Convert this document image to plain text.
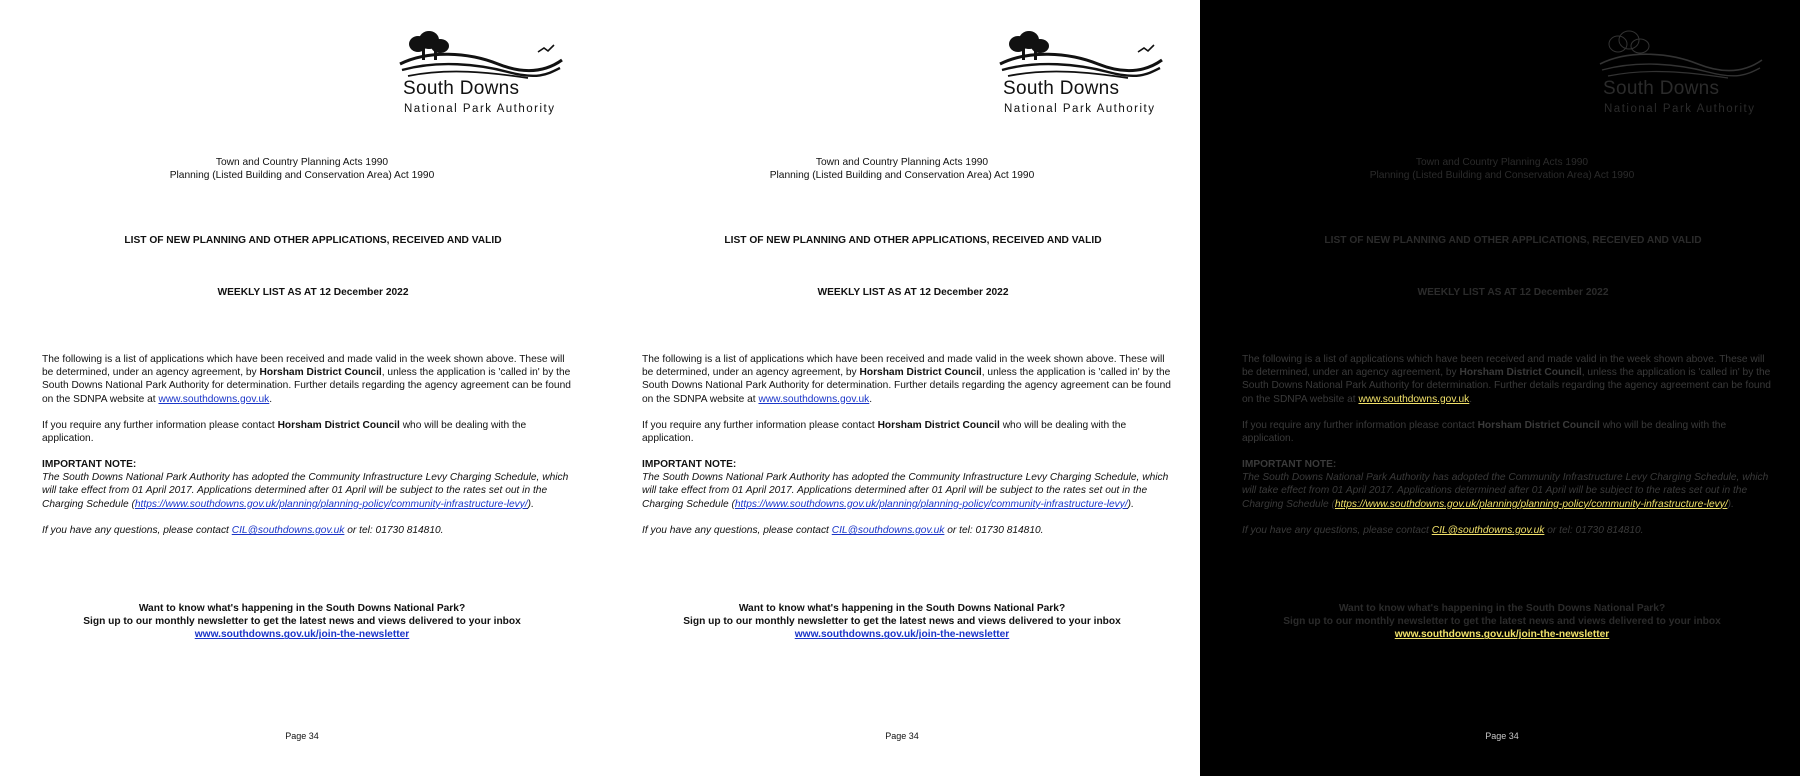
South Downs
National Park Authority
Town and Country Planning Acts 1990
Planning (Listed Building and Conservation Area) Act 1990
LIST OF NEW PLANNING AND OTHER APPLICATIONS, RECEIVED AND VALID
WEEKLY LIST AS AT 12 December 2022

The following is a list of applications which have been received and made valid in the week shown above. These will be determined, under an agency agreement, by Horsham District Council, unless the application is 'called in' by the South Downs National Park Authority for determination. Further details regarding the agency agreement can be found on the SDNPA website at www.southdowns.gov.uk.

If you require any further information please contact Horsham District Council who will be dealing with the application.

IMPORTANT NOTE:

The South Downs National Park Authority has adopted the Community Infrastructure Levy Charging Schedule, which will take effect from 01 April 2017. Applications determined after 01 April will be subject to the rates set out in the Charging Schedule (https://www.southdowns.gov.uk/planning/planning-policy/community-infrastructure-levy/).

If you have any questions, please contact CIL@southdowns.gov.uk or tel: 01730 814810.

Want to know what's happening in the South Downs National Park?
Sign up to our monthly newsletter to get the latest news and views delivered to your inbox
www.southdowns.gov.uk/join-the-newsletter
Page 34
South Downs
National Park Authority
Town and Country Planning Acts 1990
Planning (Listed Building and Conservation Area) Act 1990
LIST OF NEW PLANNING AND OTHER APPLICATIONS, RECEIVED AND VALID
WEEKLY LIST AS AT 12 December 2022

The following is a list of applications which have been received and made valid in the week shown above. These will be determined, under an agency agreement, by Horsham District Council, unless the application is 'called in' by the South Downs National Park Authority for determination. Further details regarding the agency agreement can be found on the SDNPA website at www.southdowns.gov.uk.

If you require any further information please contact Horsham District Council who will be dealing with the application.

IMPORTANT NOTE:

The South Downs National Park Authority has adopted the Community Infrastructure Levy Charging Schedule, which will take effect from 01 April 2017. Applications determined after 01 April will be subject to the rates set out in the Charging Schedule (https://www.southdowns.gov.uk/planning/planning-policy/community-infrastructure-levy/).

If you have any questions, please contact CIL@southdowns.gov.uk or tel: 01730 814810.

Want to know what's happening in the South Downs National Park?
Sign up to our monthly newsletter to get the latest news and views delivered to your inbox
www.southdowns.gov.uk/join-the-newsletter
Page 34
South Downs
National Park Authority
Town and Country Planning Acts 1990
Planning (Listed Building and Conservation Area) Act 1990
LIST OF NEW PLANNING AND OTHER APPLICATIONS, RECEIVED AND VALID
WEEKLY LIST AS AT 12 December 2022

The following is a list of applications which have been received and made valid in the week shown above. These will be determined, under an agency agreement, by Horsham District Council, unless the application is 'called in' by the South Downs National Park Authority for determination. Further details regarding the agency agreement can be found on the SDNPA website at www.southdowns.gov.uk.

If you require any further information please contact Horsham District Council who will be dealing with the application.

IMPORTANT NOTE:

The South Downs National Park Authority has adopted the Community Infrastructure Levy Charging Schedule, which will take effect from 01 April 2017. Applications determined after 01 April will be subject to the rates set out in the Charging Schedule (https://www.southdowns.gov.uk/planning/planning-policy/community-infrastructure-levy/).

If you have any questions, please contact CIL@southdowns.gov.uk or tel: 01730 814810.

Want to know what's happening in the South Downs National Park?
Sign up to our monthly newsletter to get the latest news and views delivered to your inbox
www.southdowns.gov.uk/join-the-newsletter
Page 34
